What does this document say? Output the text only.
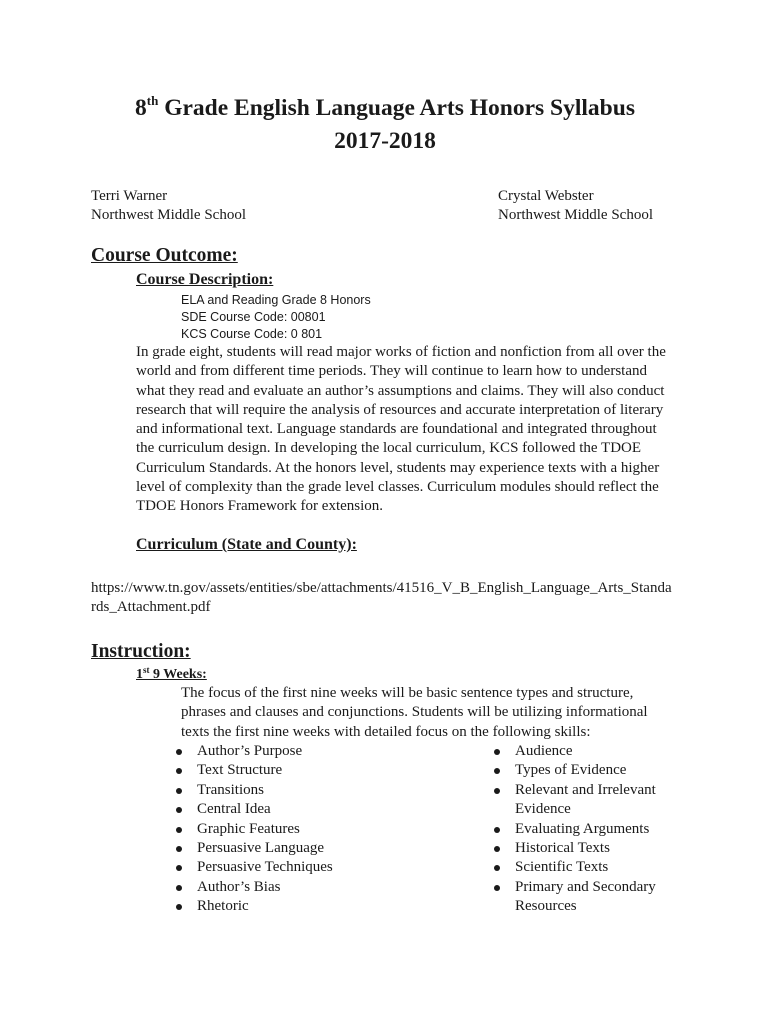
8th Grade English Language Arts Honors Syllabus
2017-2018
Terri Warner
Northwest Middle School
Crystal Webster
Northwest Middle School
Course Outcome:
Course Description:
ELA and Reading Grade 8 Honors
SDE Course Code: 00801
KCS Course Code: 0 801
In grade eight, students will read major works of fiction and nonfiction from all over the
world and from different time periods. They will continue to learn how to understand
what they read and evaluate an author’s assumptions and claims. They will also conduct
research that will require the analysis of resources and accurate interpretation of literary
and informational text. Language standards are foundational and integrated throughout
the curriculum design. In developing the local curriculum, KCS followed the TDOE
Curriculum Standards. At the honors level, students may experience texts with a higher
level of complexity than the grade level classes. Curriculum modules should reflect the
TDOE Honors Framework for extension.
Curriculum (State and County):
https://www.tn.gov/assets/entities/sbe/attachments/41516_V_B_English_Language_Arts_Standa
rds_Attachment.pdf
Instruction:
1st 9 Weeks:
The focus of the first nine weeks will be basic sentence types and structure,
phrases and clauses and conjunctions. Students will be utilizing informational
texts the first nine weeks with detailed focus on the following skills:
Author’s Purpose
Text Structure
Transitions
Central Idea
Graphic Features
Persuasive Language
Persuasive Techniques
Author’s Bias
Rhetoric
Audience
Types of Evidence
Relevant and Irrelevant
Evidence
Evaluating Arguments
Historical Texts
Scientific Texts
Primary and Secondary
Resources
